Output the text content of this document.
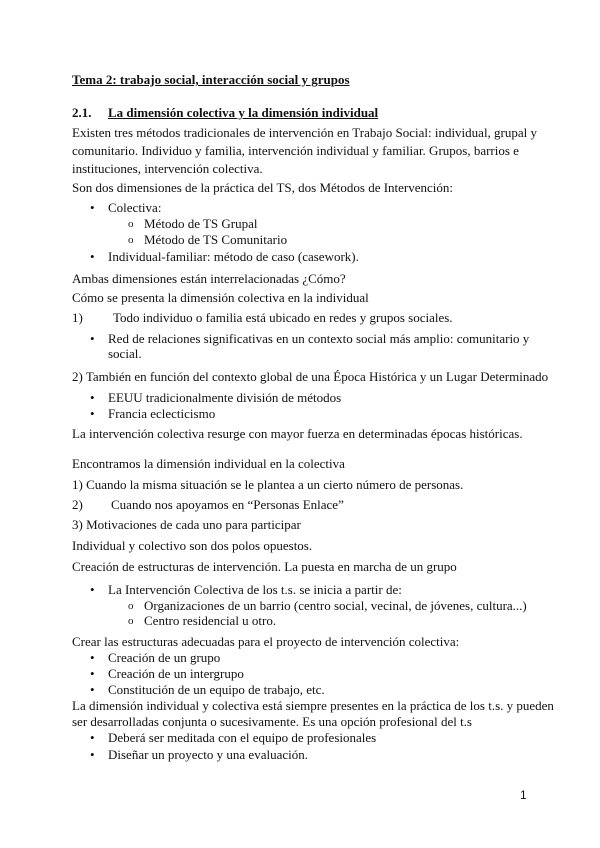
Tema 2: trabajo social, interacción social y grupos
2.1. La dimensión colectiva y la dimensión individual
Existen tres métodos tradicionales de intervención en Trabajo Social: individual, grupal y
comunitario. Individuo y familia, intervención individual y familiar. Grupos, barrios e
instituciones, intervención colectiva.
Son dos dimensiones de la práctica del TS, dos Métodos de Intervención:
• Colectiva:
o Método de TS Grupal
o Método de TS Comunitario
• Individual-familiar: método de caso (casework).
Ambas dimensiones están interrelacionadas ¿Cómo?
Cómo se presenta la dimensión colectiva en la individual
1) Todo individuo o familia está ubicado en redes y grupos sociales.
• Red de relaciones significativas en un contexto social más amplio: comunitario y
social.
2) También en función del contexto global de una Época Histórica y un Lugar Determinado
• EEUU tradicionalmente división de métodos
• Francia eclecticismo
La intervención colectiva resurge con mayor fuerza en determinadas épocas históricas.
Encontramos la dimensión individual en la colectiva
1) Cuando la misma situación se le plantea a un cierto número de personas.
2) Cuando nos apoyamos en “Personas Enlace”
3) Motivaciones de cada uno para participar
Individual y colectivo son dos polos opuestos.
Creación de estructuras de intervención. La puesta en marcha de un grupo
• La Intervención Colectiva de los t.s. se inicia a partir de:
o Organizaciones de un barrio (centro social, vecinal, de jóvenes, cultura...)
o Centro residencial u otro.
Crear las estructuras adecuadas para el proyecto de intervención colectiva:
• Creación de un grupo
• Creación de un intergrupo
• Constitución de un equipo de trabajo, etc.
La dimensión individual y colectiva está siempre presentes en la práctica de los t.s. y pueden
ser desarrolladas conjunta o sucesivamente. Es una opción profesional del t.s
• Deberá ser meditada con el equipo de profesionales
• Diseñar un proyecto y una evaluación.
1
